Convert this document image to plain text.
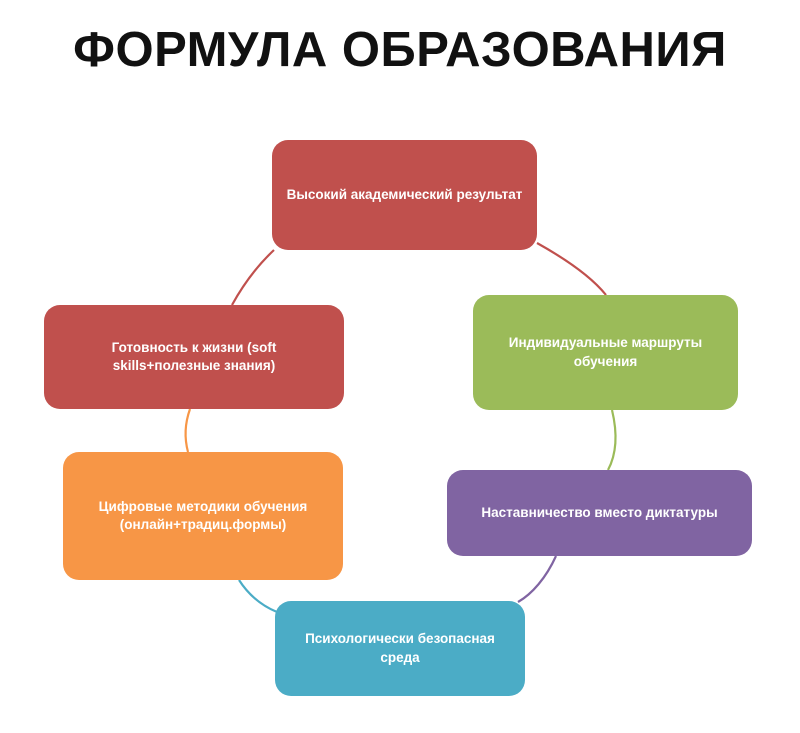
ФОРМУЛА ОБРАЗОВАНИЯ
Высокий академический результат
Индивидуальные маршруты обучения
Наставничество вместо диктатуры
Психологически безопасная среда
Цифровые методики обучения (онлайн+традиц.формы)
Готовность к жизни (soft skills+полезные знания)
